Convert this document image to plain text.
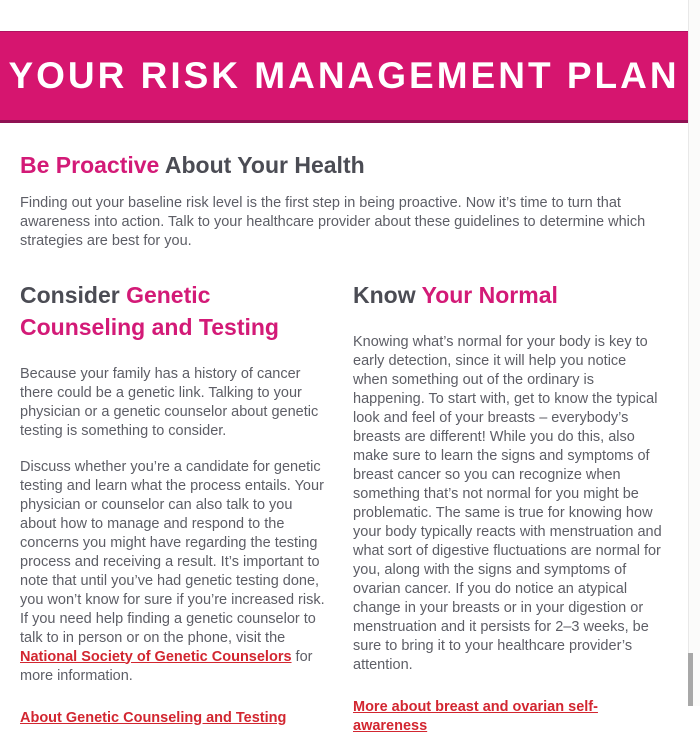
YOUR RISK MANAGEMENT PLAN
Be Proactive About Your Health

Finding out your baseline risk level is the first step in being proactive. Now it’s time to turn that awareness into action. Talk to your healthcare provider about these guidelines to determine which strategies are best for you.

Consider Genetic Counseling and Testing

Because your family has a history of cancer there could be a genetic link. Talking to your physician or a genetic counselor about genetic testing is something to consider.

Discuss whether you’re a candidate for genetic testing and learn what the process entails. Your physician or counselor can also talk to you about how to manage and respond to the concerns you might have regarding the testing process and receiving a result. It’s important to note that until you’ve had genetic testing done, you won’t know for sure if you’re increased risk. If you need help finding a genetic counselor to talk to in person or on the phone, visit the National Society of Genetic Counselors for more information.

About Genetic Counseling and Testing
Know Your Normal

Knowing what’s normal for your body is key to early detection, since it will help you notice when something out of the ordinary is happening. To start with, get to know the typical look and feel of your breasts – everybody’s breasts are different! While you do this, also make sure to learn the signs and symptoms of breast cancer so you can recognize when something that’s not normal for you might be problematic. The same is true for knowing how your body typically reacts with menstruation and what sort of digestive fluctuations are normal for you, along with the signs and symptoms of ovarian cancer. If you do notice an atypical change in your breasts or in your digestion or menstruation and it persists for 2–3 weeks, be sure to bring it to your healthcare provider’s attention.

More about breast and ovarian self-awareness
